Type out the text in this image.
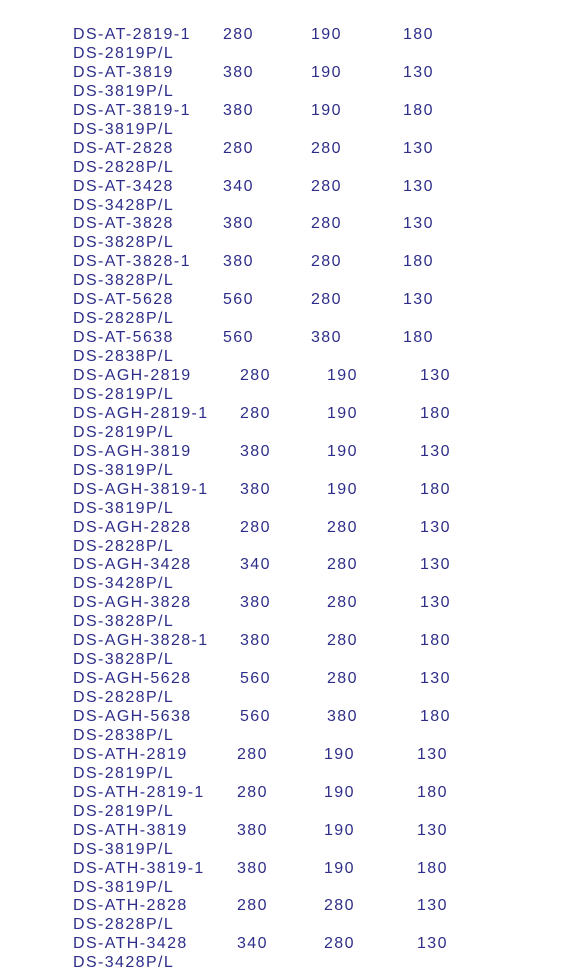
DS-AT-2819-1 280	190	180
DS-2819P/L
DS-AT-3819	380	190	130
DS-3819P/L
DS-AT-3819-1 380	190	180
DS-3819P/L
DS-AT-2828	280	280	130
DS-2828P/L
DS-AT-3428	340	280	130
DS-3428P/L
DS-AT-3828	380	280	130
DS-3828P/L
DS-AT-3828-1 380	280	180
DS-3828P/L
DS-AT-5628	560	280	130
DS-2828P/L
DS-AT-5638	560	380	180
DS-2838P/L
DS-AGH-2819	280	190	130
DS-2819P/L
DS-AGH-2819-1 280	190	180
DS-2819P/L
DS-AGH-3819	380	190	130
DS-3819P/L
DS-AGH-3819-1 380	190	180
DS-3819P/L
DS-AGH-2828	280	280	130
DS-2828P/L
DS-AGH-3428	340	280	130
DS-3428P/L
DS-AGH-3828	380	280	130
DS-3828P/L
DS-AGH-3828-1 380	280	180
DS-3828P/L
DS-AGH-5628	560	280	130
DS-2828P/L
DS-AGH-5638	560	380	180
DS-2838P/L
DS-ATH-2819	280	190	130
DS-2819P/L
DS-ATH-2819-1 280	190	180
DS-2819P/L
DS-ATH-3819	380	190	130
DS-3819P/L
DS-ATH-3819-1 380	190	180
DS-3819P/L
DS-ATH-2828	280	280	130
DS-2828P/L
DS-ATH-3428	340	280	130
DS-3428P/L
